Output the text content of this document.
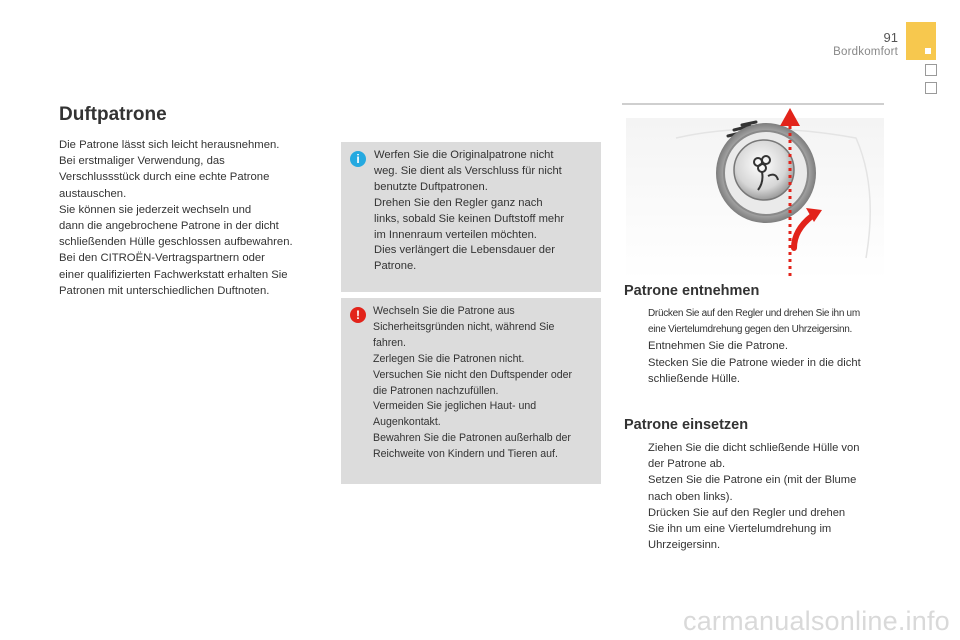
91
Bordkomfort
Duftpatrone
Die Patrone lässt sich leicht herausnehmen.
Bei erstmaliger Verwendung, das
Verschlussstück durch eine echte Patrone
austauschen.
Sie können sie jederzeit wechseln und
dann die angebrochene Patrone in der dicht
schließenden Hülle geschlossen aufbewahren.
Bei den CITROËN-Vertragspartnern oder
einer qualifizierten Fachwerkstatt erhalten Sie
Patronen mit unterschiedlichen Duftnoten.
i	Werfen Sie die Originalpatrone nicht
weg. Sie dient als Verschluss für nicht
benutzte Duftpatronen.
Drehen Sie den Regler ganz nach
links, sobald Sie keinen Duftstoff mehr
im Innenraum verteilen möchten.
Dies verlängert die Lebensdauer der
Patrone.
!	Wechseln Sie die Patrone aus
Sicherheitsgründen nicht, während Sie
fahren.
Zerlegen Sie die Patronen nicht.
Versuchen Sie nicht den Duftspender oder
die Patronen nachzufüllen.
Vermeiden Sie jeglichen Haut- und
Augenkontakt.
Bewahren Sie die Patronen außerhalb der
Reichweite von Kindern und Tieren auf.
Patrone entnehmen
Drücken Sie auf den Regler und drehen Sie ihn um
eine Viertelumdrehung gegen den Uhrzeigersinn.
Entnehmen Sie die Patrone.
Stecken Sie die Patrone wieder in die dicht
schließende Hülle.
Patrone einsetzen
Ziehen Sie die dicht schließende Hülle von
der Patrone ab.
Setzen Sie die Patrone ein (mit der Blume
nach oben links).
Drücken Sie auf den Regler und drehen
Sie ihn um eine Viertelumdrehung im
Uhrzeigersinn.
carmanualsonline.info
